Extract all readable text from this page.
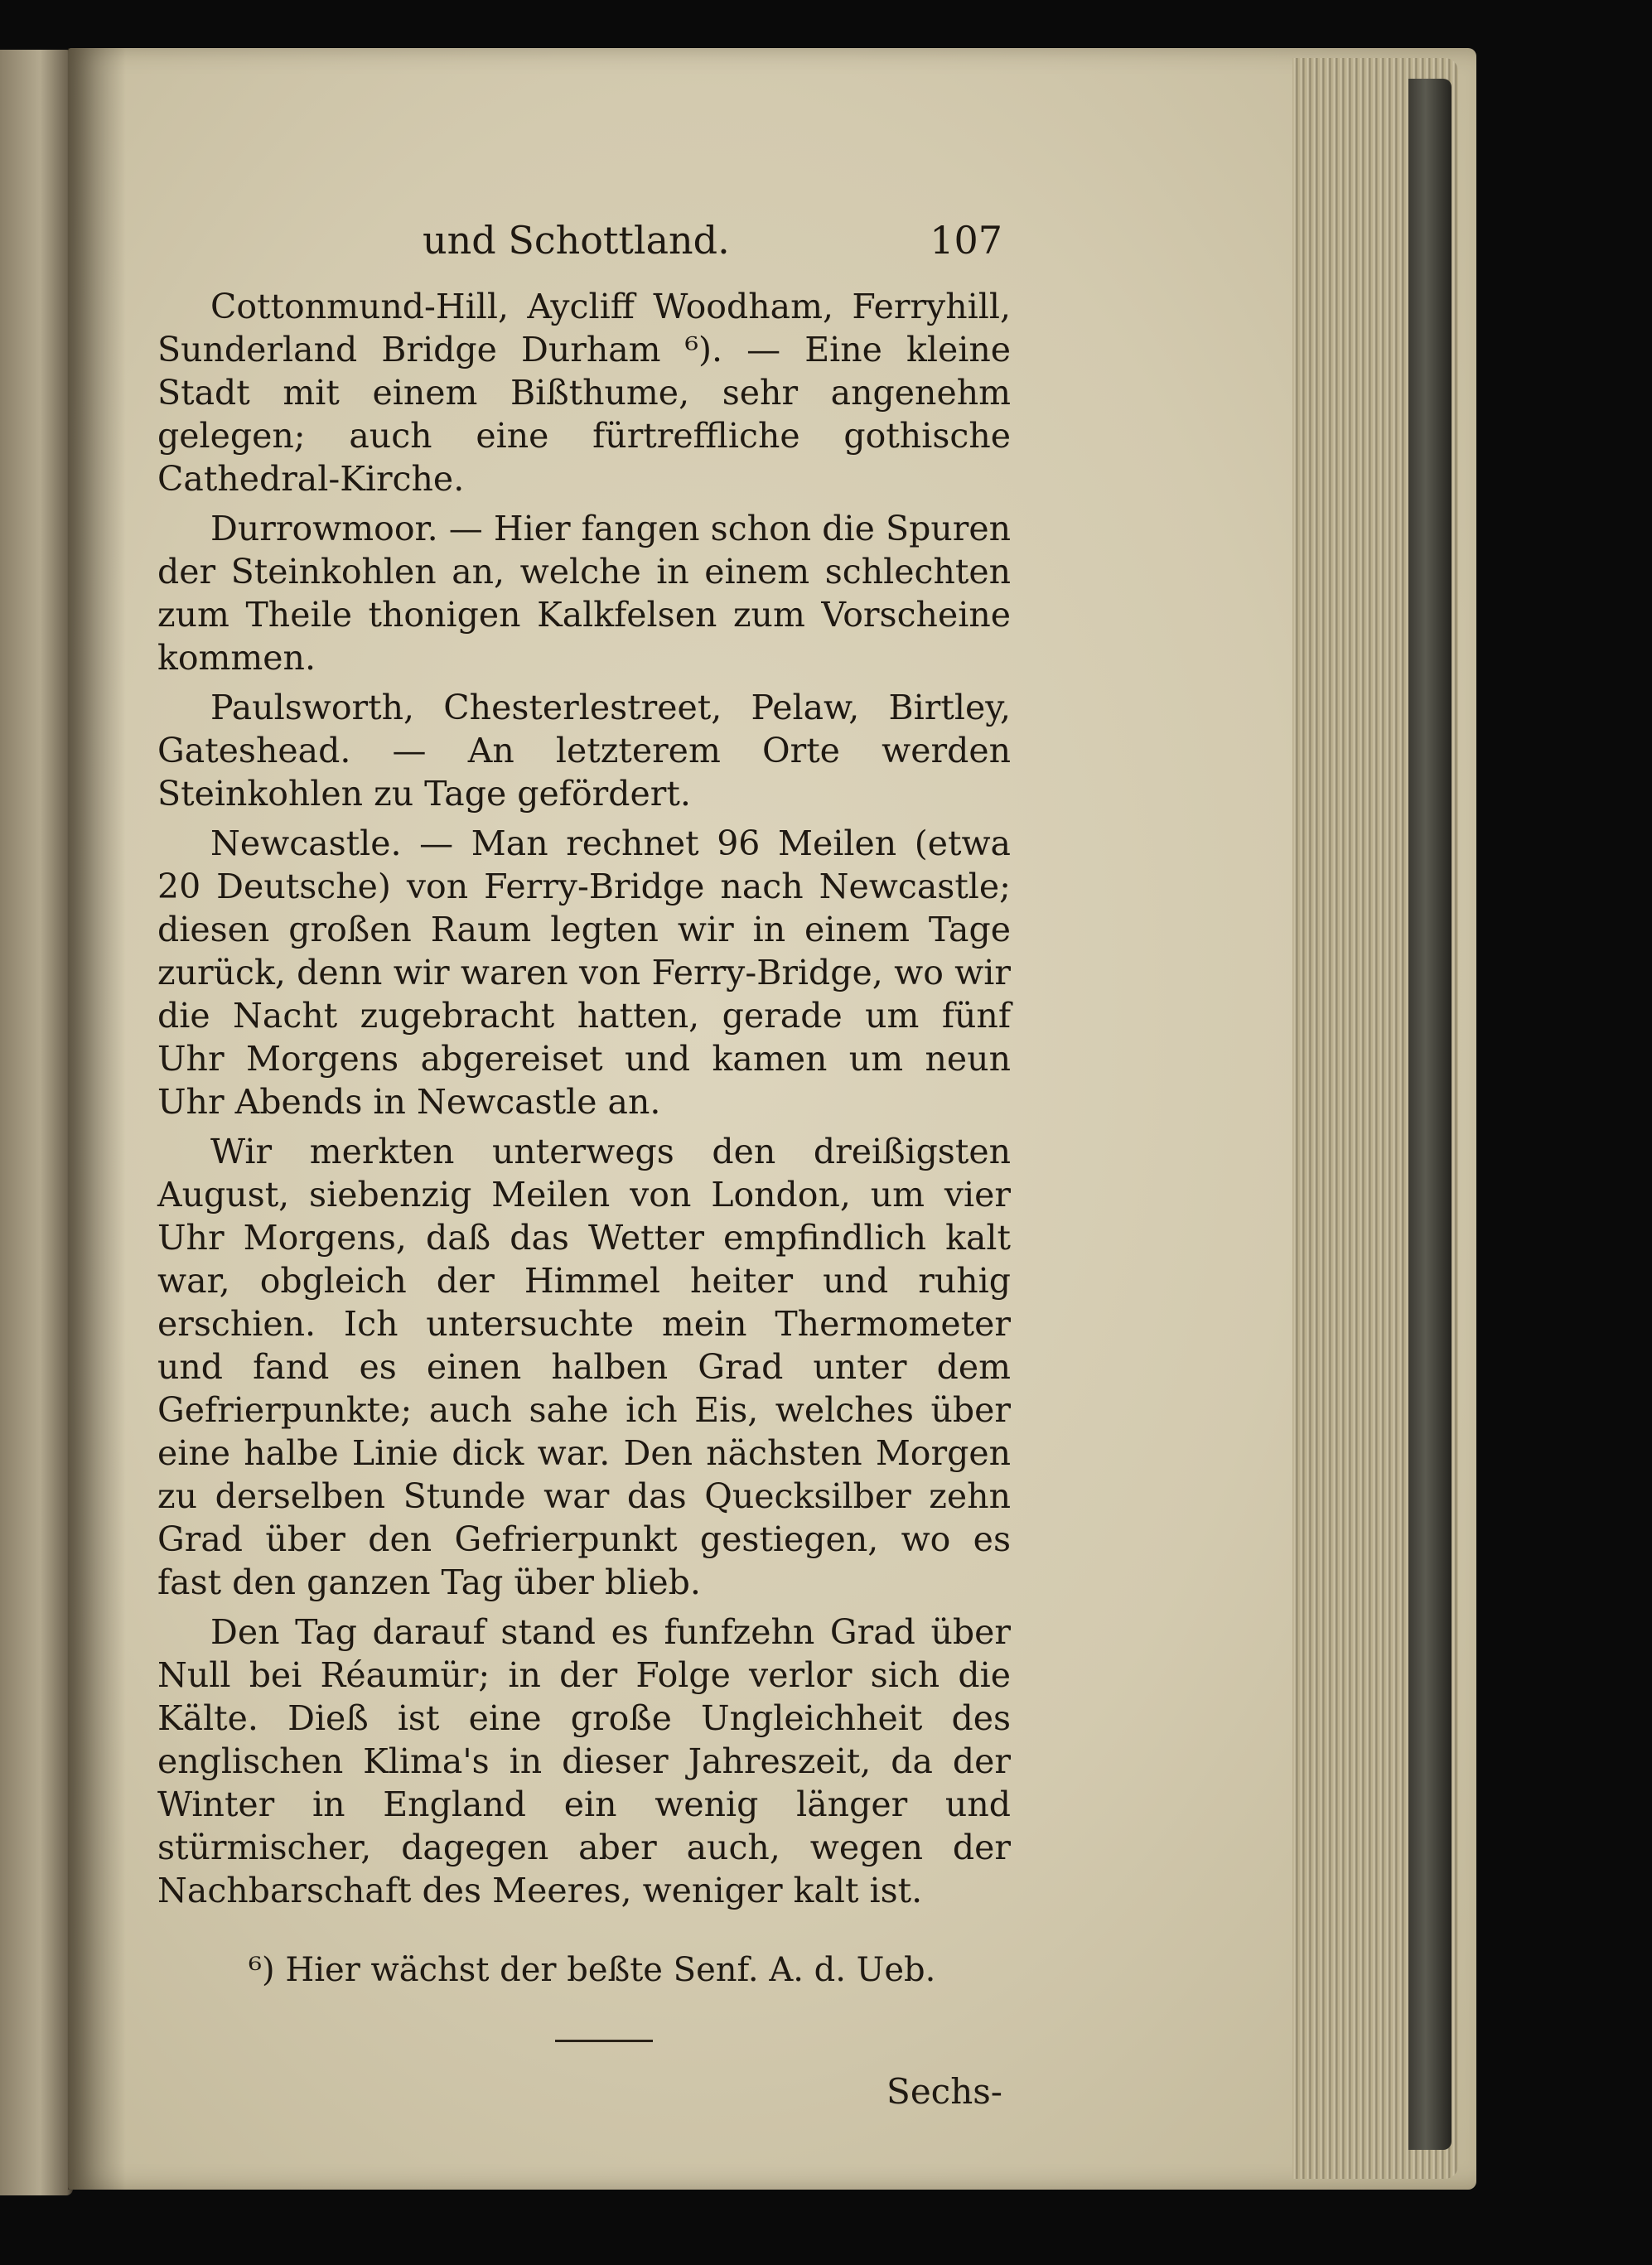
und Schottland.	107

Cottonmund-Hill, Aycliff Woodham, Ferryhill, Sunderland Bridge Durham ⁶). — Eine kleine Stadt mit einem Bißthume, sehr angenehm gelegen; auch eine fürtreffliche gothische Cathedral-Kirche.

Durrowmoor. — Hier fangen schon die Spuren der Steinkohlen an, welche in einem schlechten zum Theile thonigen Kalkfelsen zum Vorscheine kommen.

Paulsworth, Chesterlestreet, Pelaw, Birtley, Gateshead. — An letzterem Orte werden Steinkohlen zu Tage gefördert.

Newcastle. — Man rechnet 96 Meilen (etwa 20 Deutsche) von Ferry-Bridge nach Newcastle; diesen großen Raum legten wir in einem Tage zurück, denn wir waren von Ferry-Bridge, wo wir die Nacht zugebracht hatten, gerade um fünf Uhr Morgens abgereiset und kamen um neun Uhr Abends in Newcastle an.

Wir merkten unterwegs den dreißigsten August, siebenzig Meilen von London, um vier Uhr Morgens, daß das Wetter empfindlich kalt war, obgleich der Himmel heiter und ruhig erschien. Ich untersuchte mein Thermometer und fand es einen halben Grad unter dem Gefrierpunkte; auch sahe ich Eis, welches über eine halbe Linie dick war. Den nächsten Morgen zu derselben Stunde war das Quecksilber zehn Grad über den Gefrierpunkt gestiegen, wo es fast den ganzen Tag über blieb.

Den Tag darauf stand es funfzehn Grad über Null bei Réaumür; in der Folge verlor sich die Kälte. Dieß ist eine große Ungleichheit des englischen Klima's in dieser Jahreszeit, da der Winter in England ein wenig länger und stürmischer, dagegen aber auch, wegen der Nachbarschaft des Meeres, weniger kalt ist.

⁶) Hier wächst der beßte Senf. A. d. Ueb.

Sechs-
